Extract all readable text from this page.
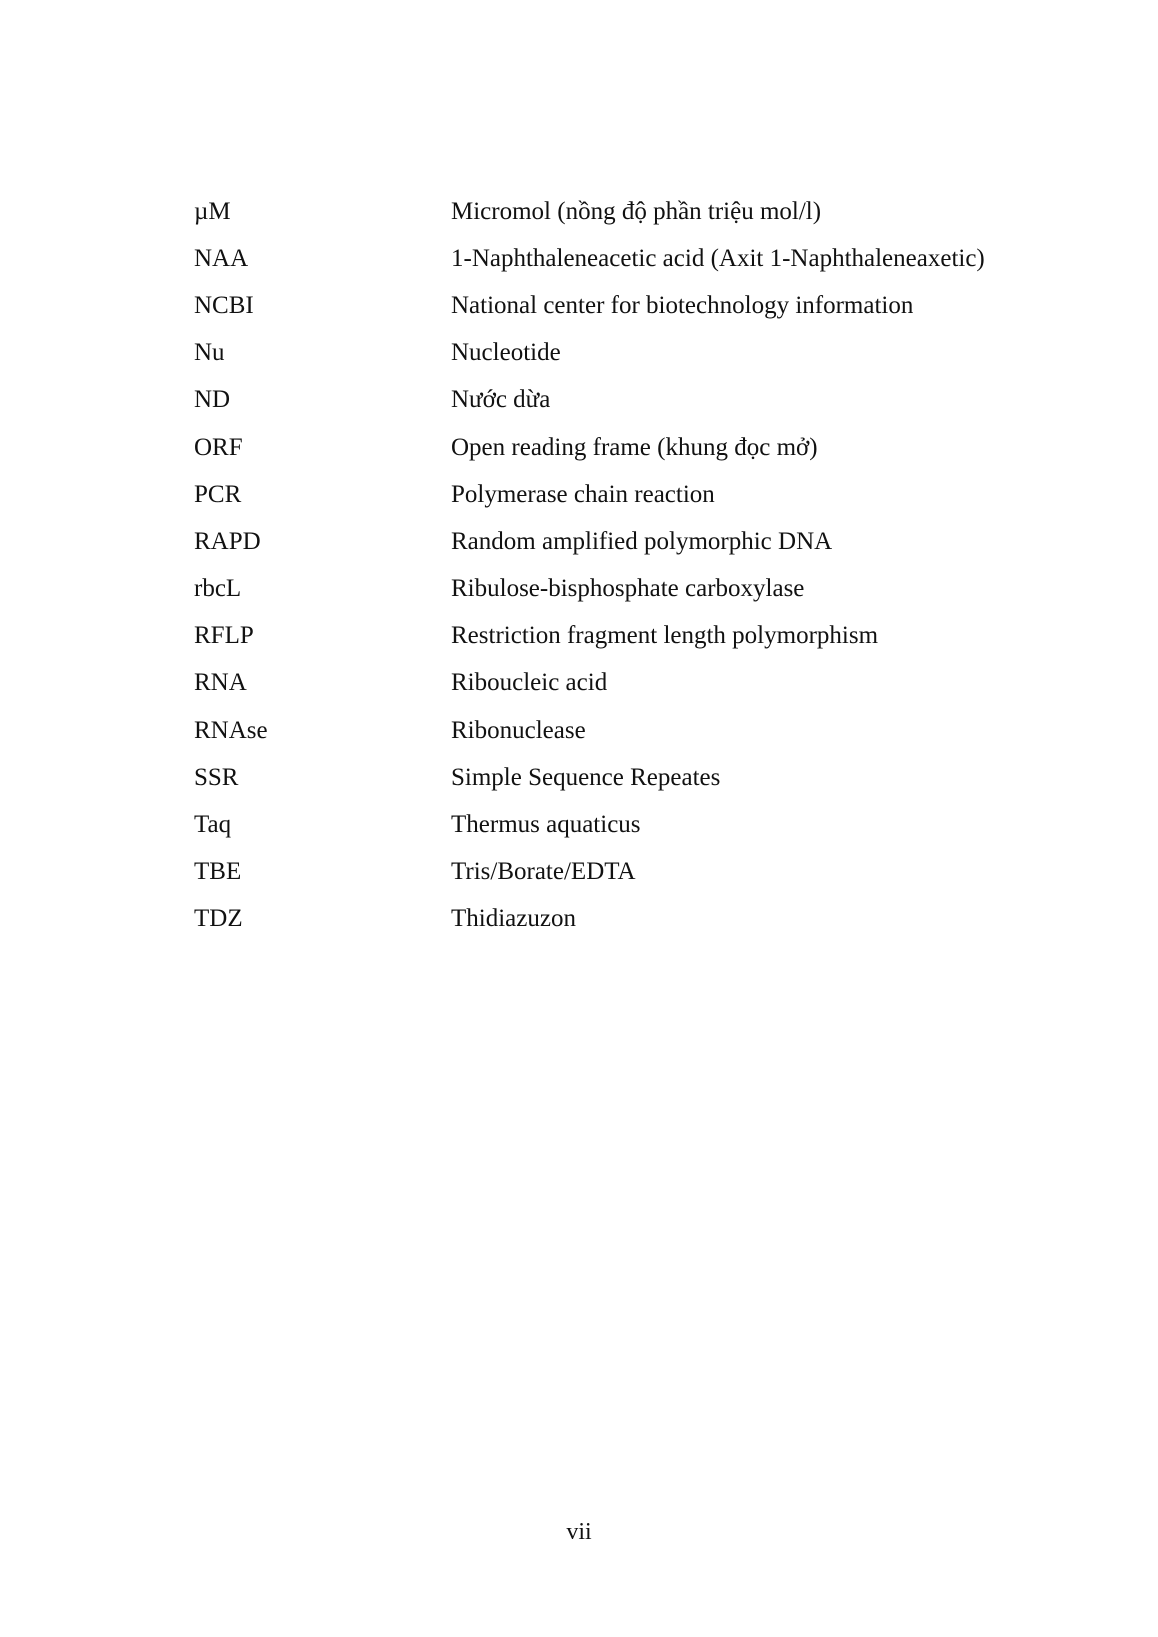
µM	Micromol (nồng độ phần triệu mol/l)
NAA	1-Naphthaleneacetic acid (Axit 1-Naphthaleneaxetic)
NCBI	National center for biotechnology information
Nu	Nucleotide
ND	Nước dừa
ORF	Open reading frame (khung đọc mở)
PCR	Polymerase chain reaction
RAPD	Random amplified polymorphic DNA
rbcL	Ribulose-bisphosphate carboxylase
RFLP	Restriction fragment length polymorphism
RNA	Riboucleic acid
RNAse	Ribonuclease
SSR	Simple Sequence Repeates
Taq	Thermus aquaticus
TBE	Tris/Borate/EDTA
TDZ	Thidiazuzon
vii
